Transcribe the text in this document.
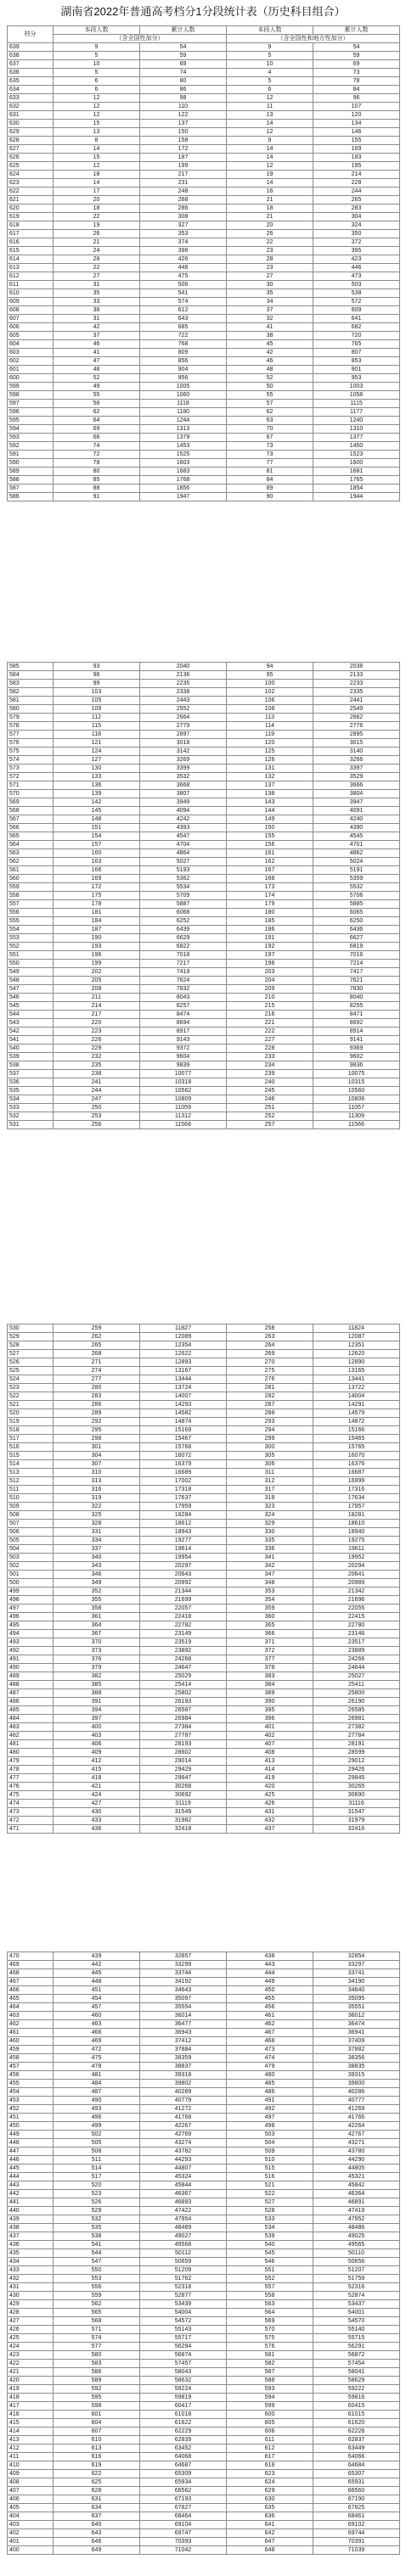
湖南省2022年普通高考档分1分段统计表（历史科目组合）
档分	本段人数	累计人数	本段人数	累计人数
	（含全国性加分）		（含全国性和地方性加分）	
639	9	54	9	54
638	5	59	5	59
637	10	69	10	69
636	5	74	4	73
635	6	80	5	78
634	6	86	6	84
633	12	98	12	96
632	12	110	11	107
631	12	122	13	120
630	15	137	14	134
629	13	150	12	146
628	8	158	9	155
627	14	172	14	169
626	15	187	14	183
625	12	199	12	195
624	18	217	19	214
623	14	231	14	228
622	17	248	16	244
621	20	268	21	265
620	18	286	18	283
619	22	308	21	304
618	19	327	20	324
617	26	353	26	350
616	21	374	22	372
615	24	398	23	395
614	28	426	28	423
613	22	448	23	446
612	27	475	27	473
611	31	506	30	503
610	35	541	35	538
609	33	574	34	572
608	38	612	37	609
607	31	643	32	641
606	42	685	41	682
605	37	722	38	720
604	46	768	45	765
603	41	809	42	807
602	47	856	46	853
601	48	904	48	901
600	52	956	52	953
599	49	1005	50	1003
598	55	1060	55	1058
597	58	1118	57	1115
596	62	1180	62	1177
595	64	1244	63	1240
594	69	1313	70	1310
593	66	1379	67	1377
592	74	1453	73	1450
591	72	1525	73	1523
590	78	1603	77	1600
589	80	1683	81	1681
588	85	1768	84	1765
587	88	1856	89	1854
586	91	1947	90	1944
585	93	2040	94	2038
584	96	2136	95	2133
583	99	2235	100	2233
582	103	2338	102	2335
581	105	2443	106	2441
580	109	2552	108	2549
579	112	2664	113	2662
578	115	2779	114	2776
577	118	2897	119	2895
576	121	3018	120	3015
575	124	3142	125	3140
574	127	3269	126	3266
573	130	3399	131	3397
572	133	3532	132	3529
571	136	3668	137	3666
570	139	3807	138	3804
569	142	3949	143	3947
568	145	4094	144	4091
567	148	4242	149	4240
566	151	4393	150	4390
565	154	4547	155	4545
564	157	4704	156	4701
563	160	4864	161	4862
562	163	5027	162	5024
561	166	5193	167	5191
560	169	5362	168	5359
559	172	5534	173	5532
558	175	5709	174	5706
557	178	5887	179	5885
556	181	6068	180	6065
555	184	6252	185	6250
554	187	6439	186	6436
553	190	6629	191	6627
552	193	6822	192	6819
551	196	7018	197	7016
550	199	7217	198	7214
549	202	7419	203	7417
548	205	7624	204	7621
547	208	7832	209	7830
546	211	8043	210	8040
545	214	8257	215	8255
544	217	8474	216	8471
543	220	8694	221	8692
542	223	8917	222	8914
541	226	9143	227	9141
540	229	9372	228	9369
539	232	9604	233	9602
538	235	9839	234	9836
537	238	10077	239	10075
536	241	10318	240	10315
535	244	10562	245	10560
534	247	10809	246	10806
533	250	11059	251	11057
532	253	11312	252	11309
531	256	11568	257	11566
530	259	11827	258	11824
529	262	12089	263	12087
528	265	12354	264	12351
527	268	12622	269	12620
526	271	12893	270	12890
525	274	13167	275	13165
524	277	13444	276	13441
523	280	13724	281	13722
522	283	14007	282	14004
521	286	14293	287	14291
520	289	14582	288	14579
519	292	14874	293	14872
518	295	15169	294	15166
517	298	15467	299	15465
516	301	15768	300	15765
515	304	16072	305	16070
514	307	16379	306	16376
513	310	16689	311	16687
512	313	17002	312	16999
511	316	17318	317	17316
510	319	17637	318	17634
509	322	17959	323	17957
508	325	18284	324	18281
507	328	18612	329	18610
506	331	18943	330	18940
505	334	19277	335	19275
504	337	19614	336	19611
503	340	19954	341	19952
502	343	20297	342	20294
501	346	20643	347	20641
500	349	20992	348	20989
499	352	21344	353	21342
498	355	21699	354	21696
497	358	22057	359	22055
496	361	22418	360	22415
495	364	22782	365	22780
494	367	23149	366	23146
493	370	23519	371	23517
492	373	23892	372	23889
491	376	24268	377	24266
490	379	24647	378	24644
489	382	25029	383	25027
488	385	25414	384	25411
487	388	25802	389	25800
486	391	26193	390	26190
485	394	26587	395	26585
484	397	26984	396	26981
483	400	27384	401	27382
482	403	27787	402	27784
481	406	28193	407	28191
480	409	28602	408	28599
479	412	29014	413	29012
478	415	29429	414	29426
477	418	29847	419	29845
476	421	30268	420	30265
475	424	30692	425	30690
474	427	31119	426	31116
473	430	31549	431	31547
472	433	31982	432	31979
471	436	32418	437	32416
470	439	32857	438	32854
469	442	33299	443	33297
468	445	33744	444	33741
467	448	34192	449	34190
466	451	34643	450	34640
465	454	35097	455	35095
464	457	35554	456	35551
463	460	36014	461	36012
462	463	36477	462	36474
461	466	36943	467	36941
460	469	37412	468	37409
459	472	37884	473	37882
458	475	38359	474	38356
457	478	38837	479	38835
456	481	39318	480	39315
455	484	39802	485	39800
454	487	40289	486	40286
453	490	40779	491	40777
452	493	41272	492	41269
451	496	41768	497	41766
450	499	42267	498	42264
449	502	42769	503	42767
448	505	43274	504	43271
447	508	43782	509	43780
446	511	44293	510	44290
445	514	44807	515	44805
444	517	45324	516	45321
443	520	45844	521	45842
442	523	46367	522	46364
441	526	46893	527	46891
440	529	47422	528	47419
439	532	47954	533	47952
438	535	48489	534	48486
437	538	49027	539	49025
436	541	49568	540	49565
435	544	50112	545	50110
434	547	50659	546	50656
433	550	51209	551	51207
432	553	51762	552	51759
431	556	52318	557	52316
430	559	52877	558	52874
429	562	53439	563	53437
428	565	54004	564	54001
427	568	54572	569	54570
426	571	55143	570	55140
425	574	55717	575	55715
424	577	56294	576	56291
423	580	56874	581	56872
422	583	57457	582	57454
421	586	58043	587	58041
420	589	58632	588	58629
419	592	59224	593	59222
418	595	59819	594	59816
417	598	60417	599	60415
416	601	61018	600	61015
415	604	61622	605	61620
414	607	62229	606	62226
413	610	62839	611	62837
412	613	63452	612	63449
411	616	64068	617	64066
410	619	64687	618	64684
409	622	65309	623	65307
408	625	65934	624	65931
407	628	66562	629	66560
406	631	67193	630	67190
405	634	67827	635	67825
404	637	68464	636	68461
403	640	69104	641	69102
402	643	69747	642	69744
401	646	70393	647	70391
400	649	71042	648	71039
